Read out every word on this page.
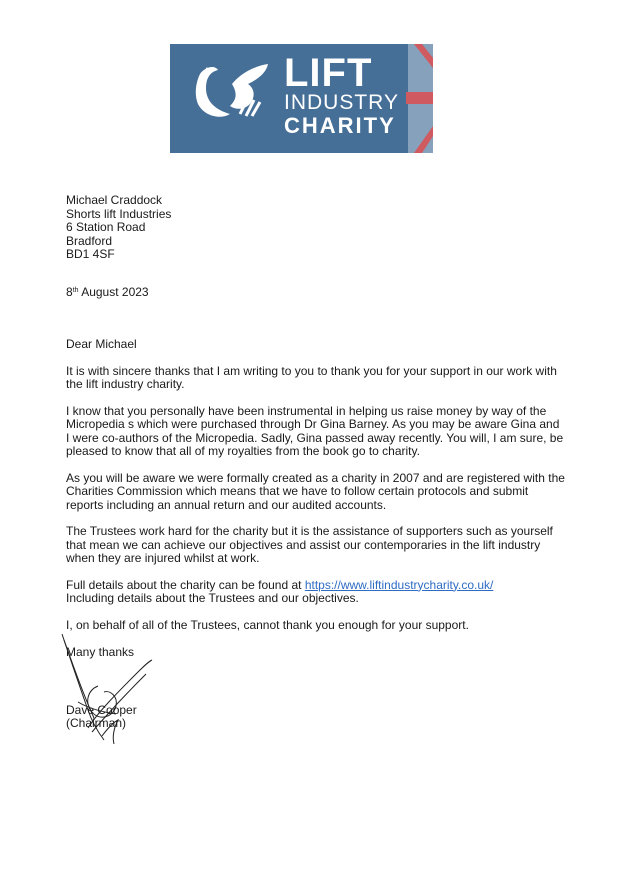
LIFT
INDUSTRY
CHARITY
Michael Craddock
Shorts lift Industries
6 Station Road
Bradford
BD1 4SF
8th August 2023
Dear Michael
It is with sincere thanks that I am writing to you to thank you for your support in our work with the lift industry charity.
I know that you personally have been instrumental in helping us raise money by way of the Micropedia s which were purchased through Dr Gina Barney. As you may be aware Gina and I were co-authors of the Micropedia. Sadly, Gina passed away recently. You will, I am sure, be pleased to know that all of my royalties from the book go to charity.
As you will be aware we were formally created as a charity in 2007 and are registered with the Charities Commission which means that we have to follow certain protocols and submit reports including an annual return and our audited accounts.
The Trustees work hard for the charity but it is the assistance of supporters such as yourself that mean we can achieve our objectives and assist our contemporaries in the lift industry when they are injured whilst at work.
Full details about the charity can be found at https://www.liftindustrycharity.co.uk/
Including details about the Trustees and our objectives.
I, on behalf of all of the Trustees, cannot thank you enough for your support.
Many thanks
Dave Cooper
(Chairman)
